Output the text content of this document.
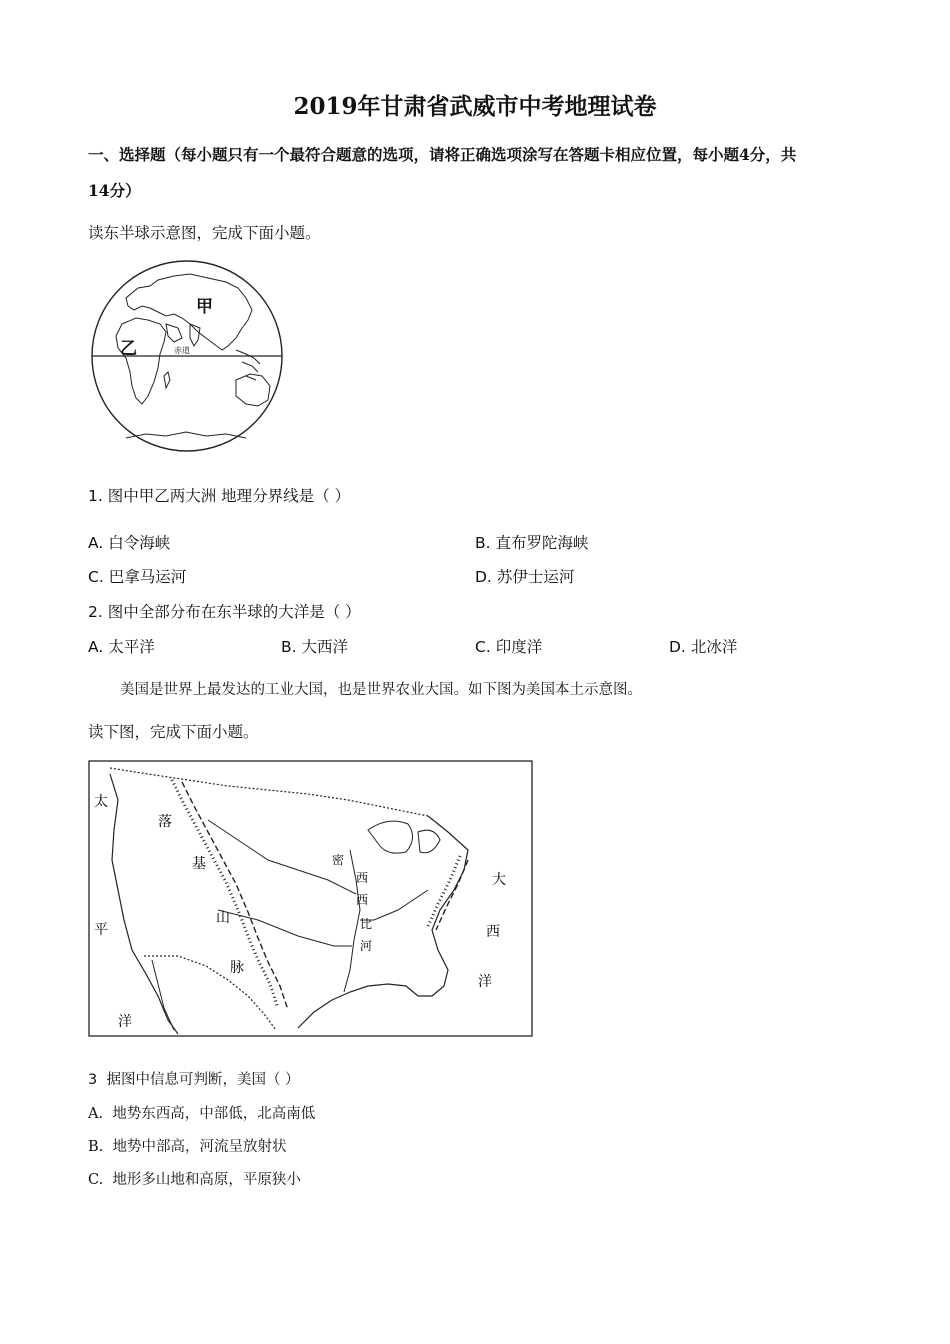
2019年甘肃省武威市中考地理试卷
一、选择题（每小题只有一个最符合题意的选项，请将正确选项涂写在答题卡相应位置，每小题4分，共
14分）
读东半球示意图，完成下面小题。
甲
乙	赤道
1. 图中甲乙两大洲 地理分界线是（ ）
A. 白令海峡	B. 直布罗陀海峡
C. 巴拿马运河	D. 苏伊士运河
2. 图中全部分布在东半球的大洋是（ ）
A. 太平洋	B. 大西洋	C. 印度洋	D. 北冰洋
美国是世界上最发达的工业大国，也是世界农业大国。如下图为美国本土示意图。
读下图，完成下面小题。
太
平
洋
落
基
山
脉
密
西
西
比
河
大
西
洋
3 据图中信息可判断，美国（ ）
A. 地势东西高，中部低，北高南低
B. 地势中部高，河流呈放射状
C. 地形多山地和高原，平原狭小
